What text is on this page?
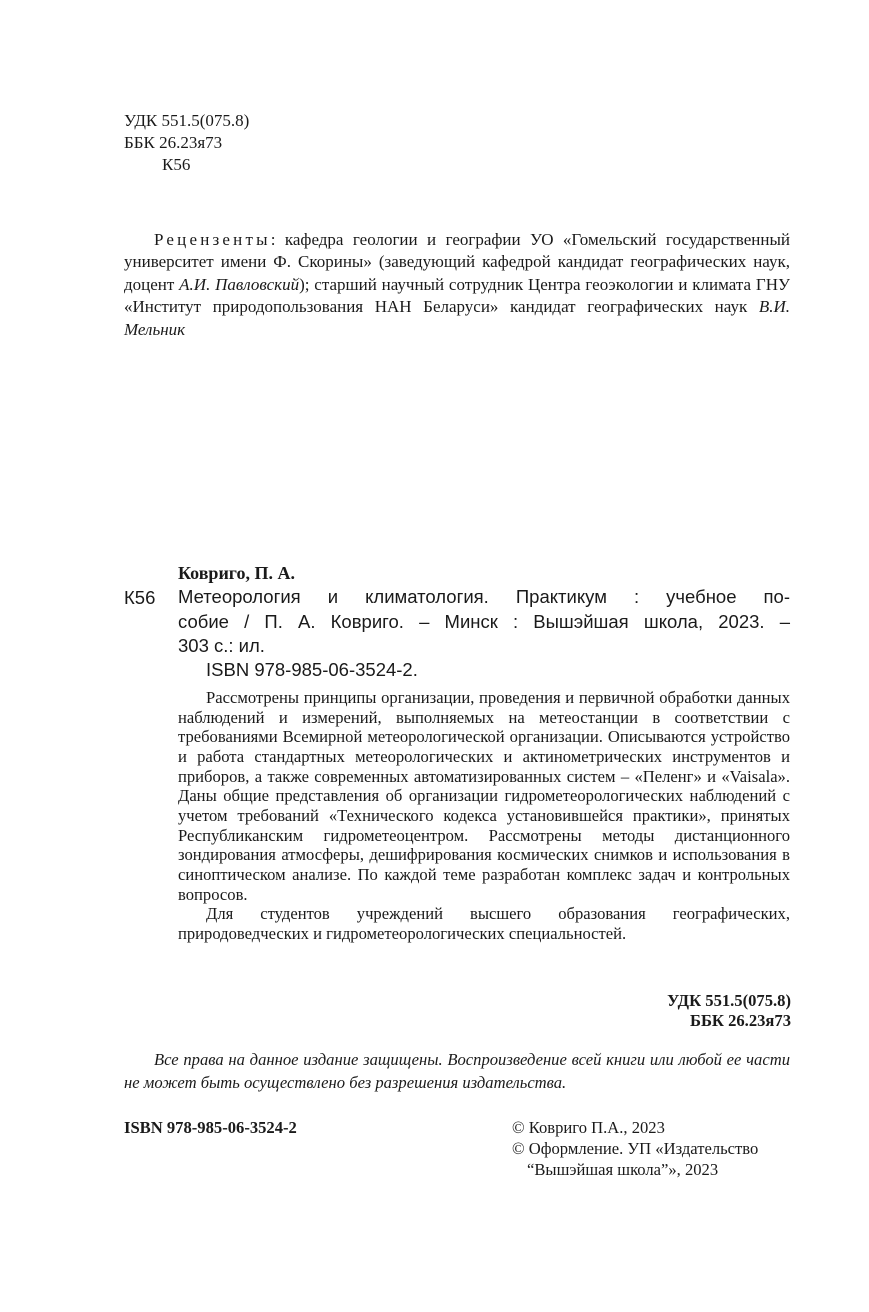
УДК 551.5(075.8)
ББК 26.23я73
К56
Рецензенты: кафедра геологии и географии УО «Гомельский государственный университет имени Ф. Скорины» (заведующий кафедрой кандидат географических наук, доцент А.И. Павловский); старший научный сотрудник Центра геоэкологии и климата ГНУ «Институт природопользования НАН Беларуси» кандидат географических наук В.И. Мельник
Ковриго, П. А.
К56 Метеорология и климатология. Практикум : учебное по-
собие / П. А. Ковриго. – Минск : Вышэйшая школа, 2023. –
303 с.: ил.
ISBN 978-985-06-3524-2.

Рассмотрены принципы организации, проведения и первичной обработки данных наблюдений и измерений, выполняемых на метеостанции в соответствии с требованиями Всемирной метеорологической организации. Описываются устройство и работа стандартных метеорологических и актинометрических инструментов и приборов, а также современных автоматизированных систем – «Пеленг» и «Vaisala». Даны общие представления об организации гидрометеорологических наблюдений с учетом требований «Технического кодекса установившейся практики», принятых Республиканским гидрометеоцентром. Рассмотрены методы дистанционного зондирования атмосферы, дешифрирования космических снимков и использования в синоптическом анализе. По каждой теме разработан комплекс задач и контрольных вопросов.

Для студентов учреждений высшего образования географических, природоведческих и гидрометеорологических специальностей.

УДК 551.5(075.8)
ББК 26.23я73
Все права на данное издание защищены. Воспроизведение всей книги или любой ее части не может быть осуществлено без разрешения издательства.
ISBN 978-985-06-3524-2	© Ковриго П.А., 2023
© Оформление. УП «Издательство
“Вышэйшая школа”», 2023
